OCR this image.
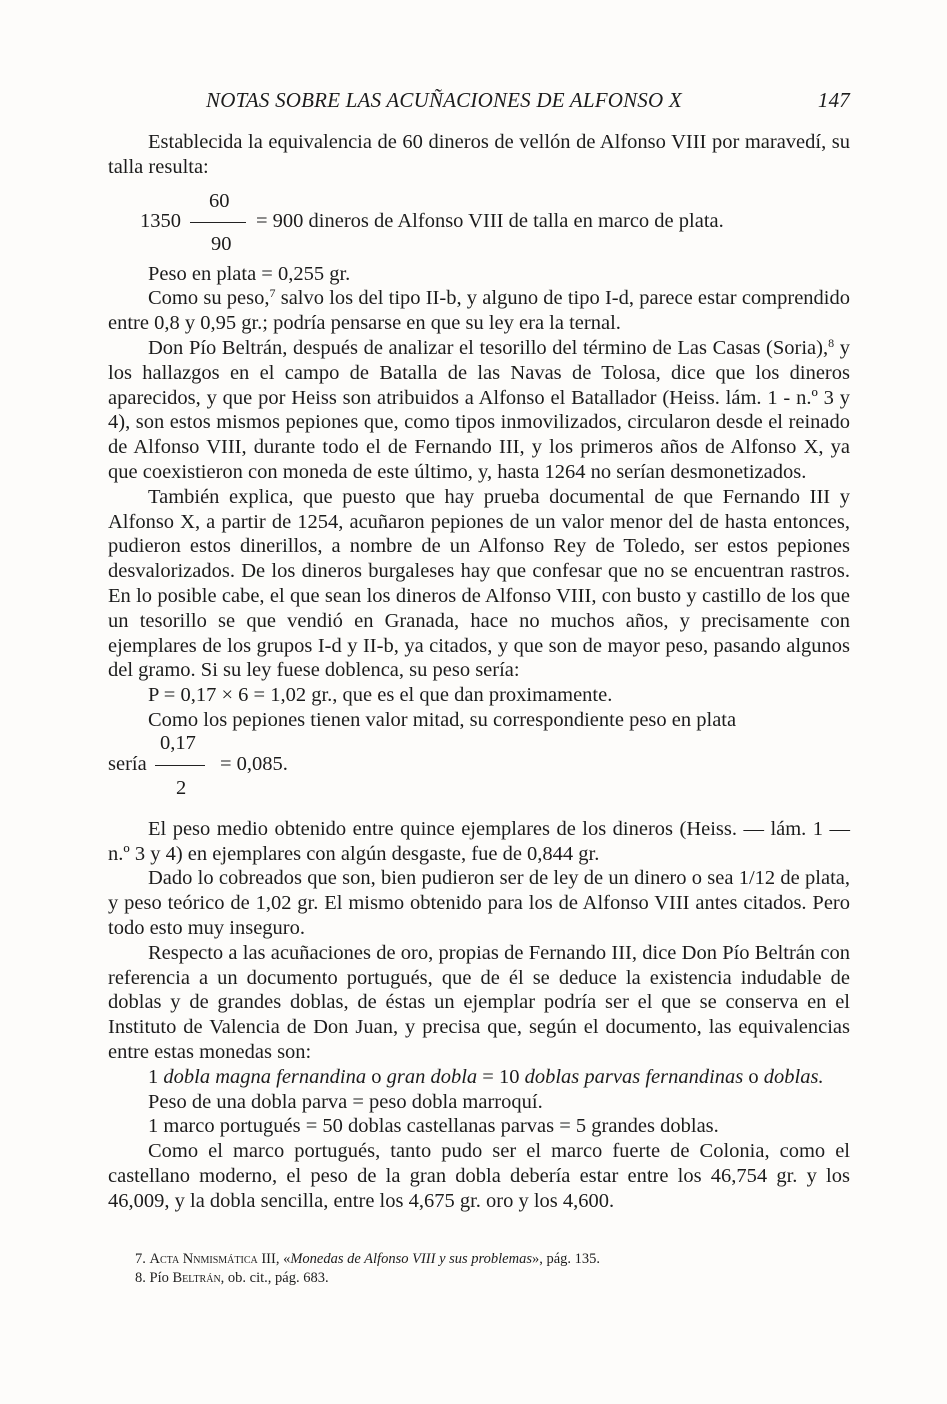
NOTAS SOBRE LAS ACUÑACIONES DE ALFONSO X	147

Establecida la equivalencia de 60 dineros de vellón de Alfonso VIII por maravedí, su talla resulta:

60
1350	= 900 dineros de Alfonso VIII de talla en marco de plata.
90

Peso en plata = 0,255 gr.

Como su peso,$^7$ salvo los del tipo II-b, y alguno de tipo I-d, parece estar comprendido entre 0,8 y 0,95 gr.; podría pensarse en que su ley era la ternal.

Don Pío Beltrán, después de analizar el tesorillo del término de Las Casas (Soria),$^8$ y los hallazgos en el campo de Batalla de las Navas de Tolosa, dice que los dineros aparecidos, y que por Heiss son atribuidos a Alfonso el Batallador (Heiss. lám. 1 - n.º 3 y 4), son estos mismos pepiones que, como tipos inmovilizados, circularon desde el reinado de Alfonso VIII, durante todo el de Fernando III, y los primeros años de Alfonso X, ya que coexistieron con moneda de este último, y, hasta 1264 no serían desmonetizados.

También explica, que puesto que hay prueba documental de que Fernando III y Alfonso X, a partir de 1254, acuñaron pepiones de un valor menor del de hasta entonces, pudieron estos dinerillos, a nombre de un Alfonso Rey de Toledo, ser estos pepiones desvalorizados. De los dineros burgaleses hay que confesar que no se encuentran rastros. En lo posible cabe, el que sean los dineros de Alfonso VIII, con busto y castillo de los que un tesorillo se que vendió en Granada, hace no muchos años, y precisamente con ejemplares de los grupos I-d y II-b, ya citados, y que son de mayor peso, pasando algunos del gramo. Si su ley fuese doblenca, su peso sería:

P = 0,17 × 6 = 1,02 gr., que es el que dan proximamente.

Como los pepiones tienen valor mitad, su correspondiente peso en plata

0,17
sería	= 0,085.
2

El peso medio obtenido entre quince ejemplares de los dineros (Heiss. — lám. 1 — n.º 3 y 4) en ejemplares con algún desgaste, fue de 0,844 gr.

Dado lo cobreados que son, bien pudieron ser de ley de un dinero o sea 1/12 de plata, y peso teórico de 1,02 gr. El mismo obtenido para los de Alfonso VIII antes citados. Pero todo esto muy inseguro.

Respecto a las acuñaciones de oro, propias de Fernando III, dice Don Pío Beltrán con referencia a un documento portugués, que de él se deduce la existencia indudable de doblas y de grandes doblas, de éstas un ejemplar podría ser el que se conserva en el Instituto de Valencia de Don Juan, y precisa que, según el documento, las equivalencias entre estas monedas son:

1 dobla magna fernandina o gran dobla = 10 doblas parvas fernandinas o doblas.

Peso de una dobla parva = peso dobla marroquí.

1 marco portugués = 50 doblas castellanas parvas = 5 grandes doblas.

Como el marco portugués, tanto pudo ser el marco fuerte de Colonia, como el castellano moderno, el peso de la gran dobla debería estar entre los 46,754 gr. y los 46,009, y la dobla sencilla, entre los 4,675 gr. oro y los 4,600.

7. Acta Nnmismática III, «Monedas de Alfonso VIII y sus problemas», pág. 135.

8. Pío Beltrán, ob. cit., pág. 683.
